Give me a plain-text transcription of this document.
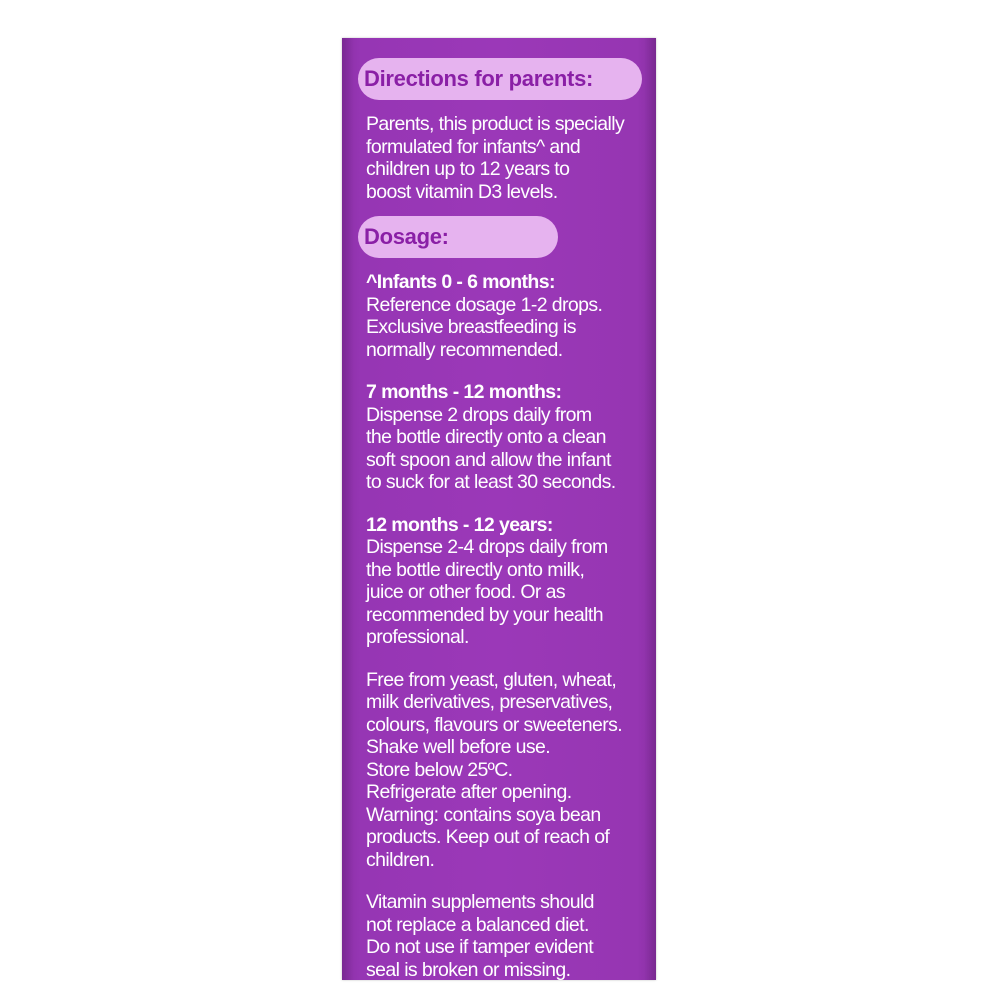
Directions for parents:

Parents, this product is specially
formulated for infants^ and
children up to 12 years to
boost vitamin D3 levels.

Dosage:

^Infants 0 - 6 months:

Reference dosage 1-2 drops.
Exclusive breastfeeding is
normally recommended.

7 months - 12 months:

Dispense 2 drops daily from
the bottle directly onto a clean
soft spoon and allow the infant
to suck for at least 30 seconds.

12 months - 12 years:

Dispense 2-4 drops daily from
the bottle directly onto milk,
juice or other food. Or as
recommended by your health
professional.

Free from yeast, gluten, wheat,
milk derivatives, preservatives,
colours, flavours or sweeteners.
Shake well before use.
Store below 25ºC.
Refrigerate after opening.
Warning: contains soya bean
products. Keep out of reach of
children.

Vitamin supplements should
not replace a balanced diet.
Do not use if tamper evident
seal is broken or missing.
